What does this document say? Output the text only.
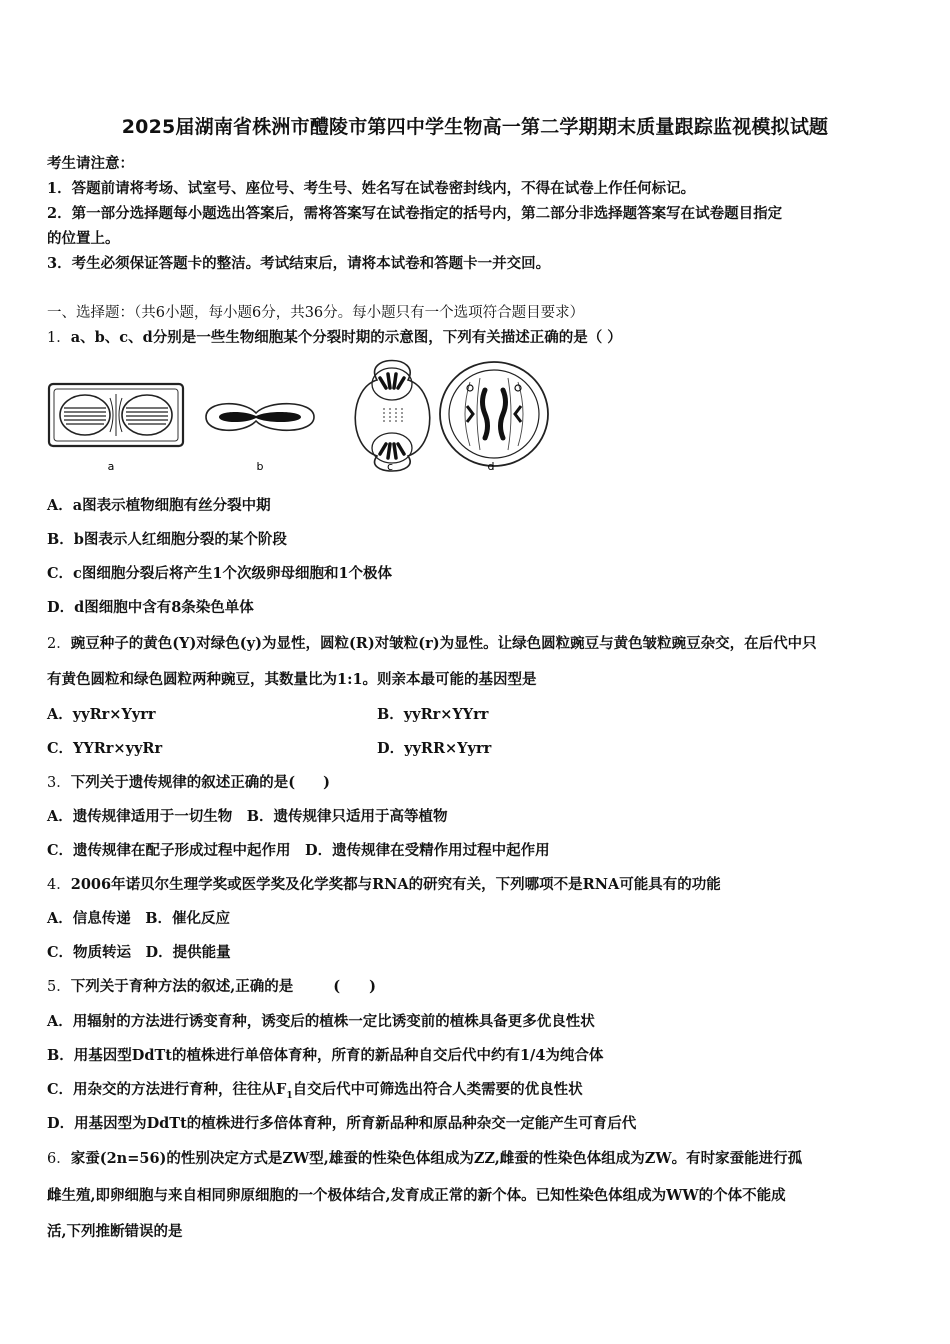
2025届湖南省株洲市醴陵市第四中学生物高一第二学期期末质量跟踪监视模拟试题

考生请注意：

1．答题前请将考场、试室号、座位号、考生号、姓名写在试卷密封线内，不得在试卷上作任何标记。

2．第一部分选择题每小题选出答案后，需将答案写在试卷指定的括号内，第二部分非选择题答案写在试卷题目指定

的位置上。

3．考生必须保证答题卡的整洁。考试结束后，请将本试卷和答题卡一并交回。

一、选择题：（共6小题，每小题6分，共36分。每小题只有一个选项符合题目要求）

1．a、b、c、d分别是一些生物细胞某个分裂时期的示意图，下列有关描述正确的是（ ）

a	b	c	d

A．a图表示植物细胞有丝分裂中期

B．b图表示人红细胞分裂的某个阶段

C．c图细胞分裂后将产生1个次级卵母细胞和1个极体

D．d图细胞中含有8条染色单体

2．豌豆种子的黄色(Y)对绿色(y)为显性，圆粒(R)对皱粒(r)为显性。让绿色圆粒豌豆与黄色皱粒豌豆杂交，在后代中只

有黄色圆粒和绿色圆粒两种豌豆，其数量比为1:1。则亲本最可能的基因型是

A．yyRr×Yyrr	B．yyRr×YYrr

C．YYRr×yyRr	D．yyRR×Yyrr

3．下列关于遗传规律的叙述正确的是( )

A．遗传规律适用于一切生物　B．遗传规律只适用于高等植物

C．遗传规律在配子形成过程中起作用　D．遗传规律在受精作用过程中起作用

4．2006年诺贝尔生理学奖或医学奖及化学奖都与RNA的研究有关，下列哪项不是RNA可能具有的功能

A．信息传递　B．催化反应

C．物质转运　D．提供能量

5．下列关于育种方法的叙述,正确的是	(　　)

A．用辐射的方法进行诱变育种，诱变后的植株一定比诱变前的植株具备更多优良性状

B．用基因型DdTt的植株进行单倍体育种，所育的新品种自交后代中约有1/4为纯合体

C．用杂交的方法进行育种，往往从$F_1$自交后代中可筛选出符合人类需要的优良性状

D．用基因型为DdTt的植株进行多倍体育种，所育新品种和原品种杂交一定能产生可育后代

6．家蚕(2n=56)的性别决定方式是ZW型,雄蚕的性染色体组成为ZZ,雌蚕的性染色体组成为ZW。有时家蚕能进行孤

雌生殖,即卵细胞与来自相同卵原细胞的一个极体结合,发育成正常的新个体。已知性染色体组成为WW的个体不能成

活,下列推断错误的是
